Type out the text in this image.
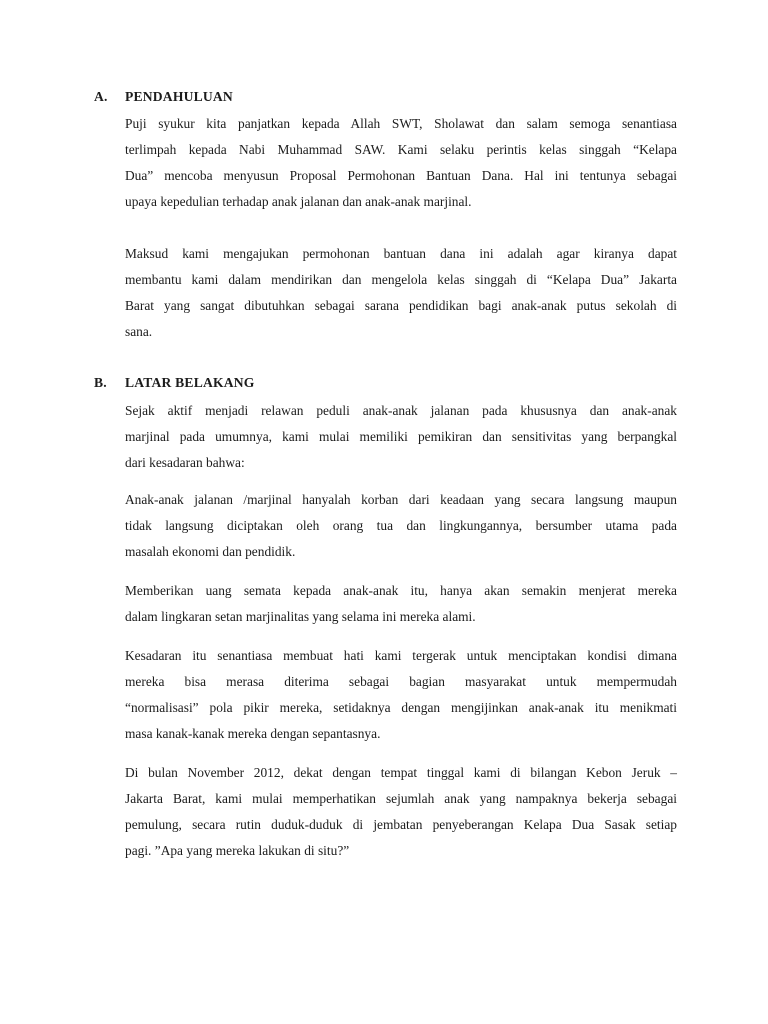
A. PENDAHULUAN
Puji syukur kita panjatkan kepada Allah SWT, Sholawat dan salam semoga senantiasa
terlimpah kepada Nabi Muhammad SAW. Kami selaku perintis kelas singgah “Kelapa
Dua” mencoba menyusun Proposal Permohonan Bantuan Dana. Hal ini tentunya sebagai
upaya kepedulian terhadap anak jalanan dan anak-anak marjinal.
Maksud kami mengajukan permohonan bantuan dana ini adalah agar kiranya dapat
membantu kami dalam mendirikan dan mengelola kelas singgah di “Kelapa Dua” Jakarta
Barat yang sangat dibutuhkan sebagai sarana pendidikan bagi anak-anak putus sekolah di
sana.
B. LATAR BELAKANG
Sejak aktif menjadi relawan peduli anak-anak jalanan pada khususnya dan anak-anak
marjinal pada umumnya, kami mulai memiliki pemikiran dan sensitivitas yang berpangkal
dari kesadaran bahwa:
Anak-anak jalanan /marjinal hanyalah korban dari keadaan yang secara langsung maupun
tidak langsung diciptakan oleh orang tua dan lingkungannya, bersumber utama pada
masalah ekonomi dan pendidik.
Memberikan uang semata kepada anak-anak itu, hanya akan semakin menjerat mereka
dalam lingkaran setan marjinalitas yang selama ini mereka alami.
Kesadaran itu senantiasa membuat hati kami tergerak untuk menciptakan kondisi dimana
mereka bisa merasa diterima sebagai bagian masyarakat untuk mempermudah
“normalisasi” pola pikir mereka, setidaknya dengan mengijinkan anak-anak itu menikmati
masa kanak-kanak mereka dengan sepantasnya.
Di bulan November 2012, dekat dengan tempat tinggal kami di bilangan Kebon Jeruk –
Jakarta Barat, kami mulai memperhatikan sejumlah anak yang nampaknya bekerja sebagai
pemulung, secara rutin duduk-duduk di jembatan penyeberangan Kelapa Dua Sasak setiap
pagi. ”Apa yang mereka lakukan di situ?”
